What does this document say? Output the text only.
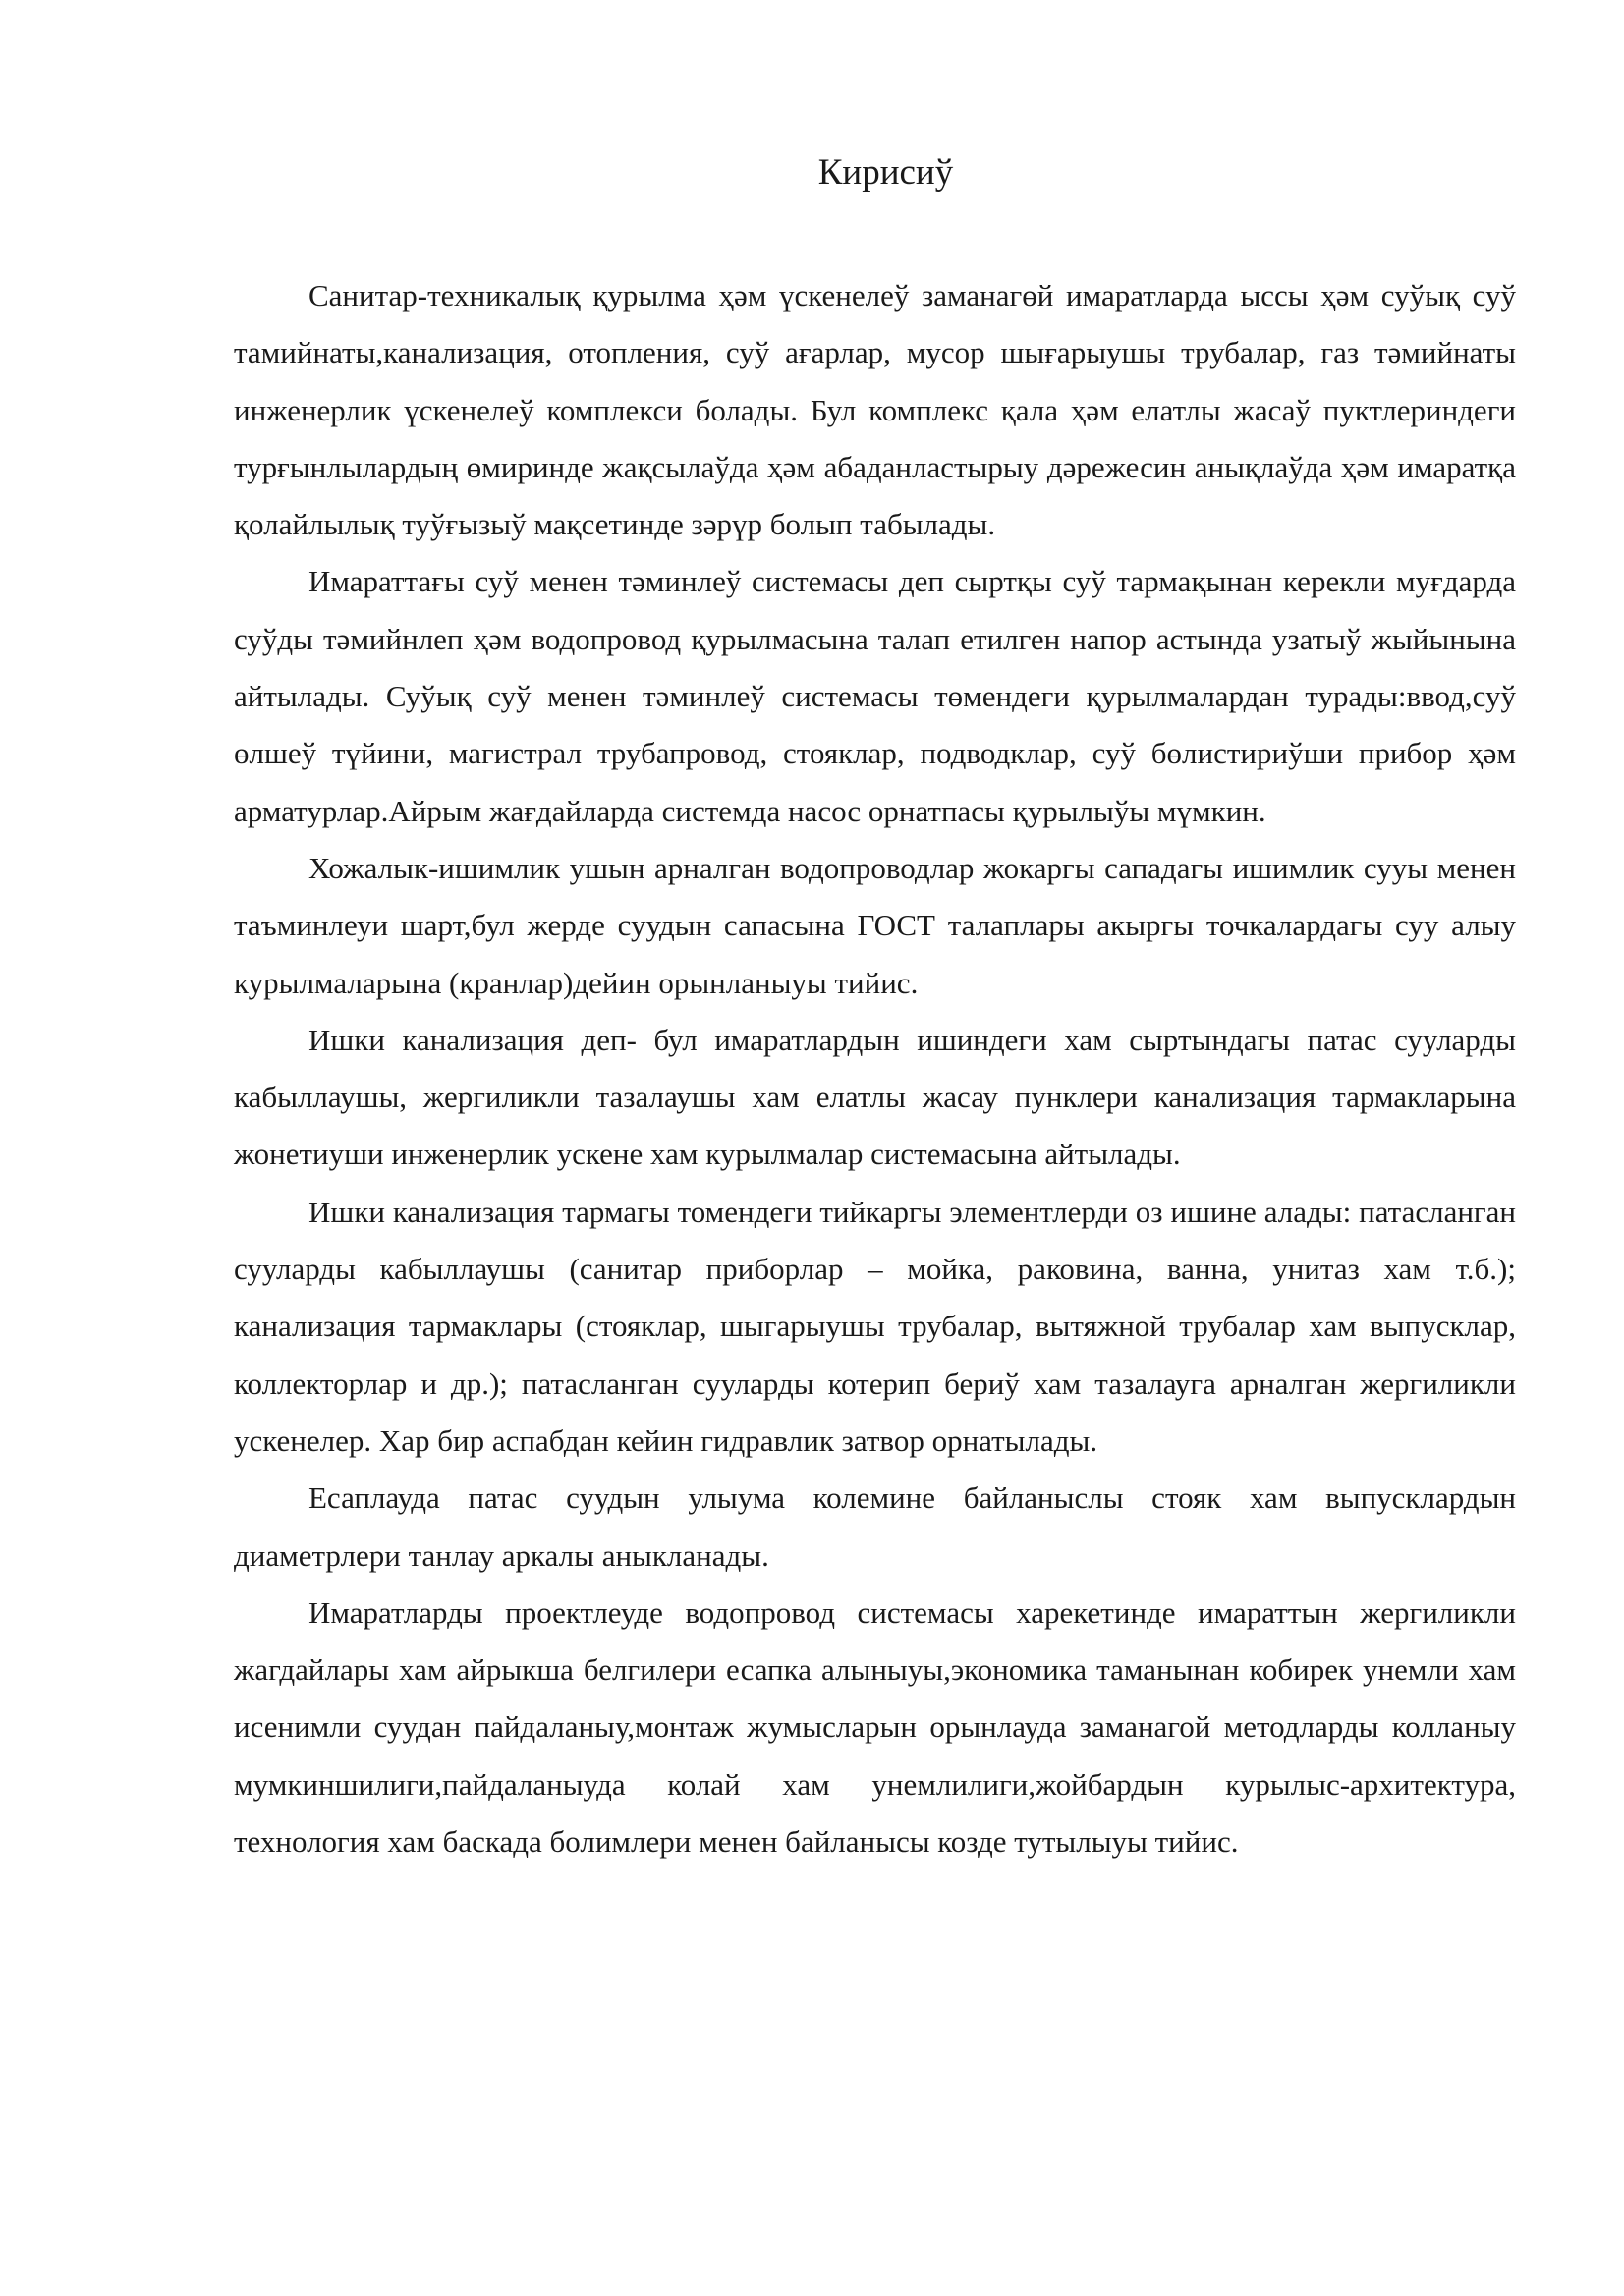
Кирисиў

Санитар-техникалық қурылма ҳәм үскенелеў заманагөй имаратларда ыссы ҳәм суўық суў тамийнаты,канализация, отопления, суў ағарлар, мусор шығарыушы трубалар, газ тәмийнаты инженерлик үскенелеў комплекси болады. Бул комплекс қала ҳәм елатлы жасаў пуктлериндеги турғынлылардың өмиринде жақсылаўда ҳәм абаданластырыу дәрежесин анықлаўда ҳәм имаратқа қолайлылық туўғызыў мақсетинде зәрүр болып табылады.

Имараттағы суў менен тәминлеў системасы деп сыртқы суў тармақынан керекли муғдарда суўды тәмийнлеп ҳәм водопровод қурылмасына талап етилген напор астында узатыў жыйынына айтылады. Суўық суў менен тәминлеў системасы төмендеги қурылмалардан турады:ввод,суў өлшеў түйини, магистрал трубапровод, стояклар, подводклар, суў бөлистириўши прибор ҳәм арматурлар.Айрым жағдайларда системда насос орнатпасы қурылыўы мүмкин.

Хожалык-ишимлик ушын арналган водопроводлар жокаргы сападагы ишимлик сууы менен таъминлеуи шарт,бул жерде суудын сапасына ГОСТ талаплары акыргы точкалардагы суу алыу курылмаларына (кранлар)дейин орынланыуы тийис.

Ишки канализация деп- бул имаратлардын ишиндеги хам сыртындагы патас сууларды кабыллаушы, жергиликли тазалаушы хам елатлы жасау пунклери канализация тармакларына жонетиуши инженерлик ускене хам курылмалар системасына айтылады.

Ишки канализация тармагы томендеги тийкаргы элементлерди оз ишине алады: патасланган сууларды кабыллаушы (санитар приборлар – мойка, раковина, ванна, унитаз хам т.б.); канализация тармаклары (стояклар, шыгарыушы трубалар, вытяжной трубалар хам выпусклар, коллекторлар и др.); патасланган сууларды котерип бериў хам тазалауга арналган жергиликли ускенелер. Хар бир аспабдан кейин гидравлик затвор орнатылады.

Есаплауда патас суудын улыума колемине байланыслы стояк хам выпусклардын диаметрлери танлау аркалы аныкланады.

Имаратларды проектлеуде водопровод системасы харекетинде имараттын жергиликли жагдайлары хам айрыкша белгилери есапка алыныуы,экономика таманынан кобирек унемли хам исенимли суудан пайдаланыу,монтаж жумысларын орынлауда заманагой методларды колланыу мумкиншилиги,пайдаланыуда колай хам унемлилиги,жойбардын курылыс-архитектура, технология хам баскада болимлери менен байланысы козде тутылыуы тийис.
